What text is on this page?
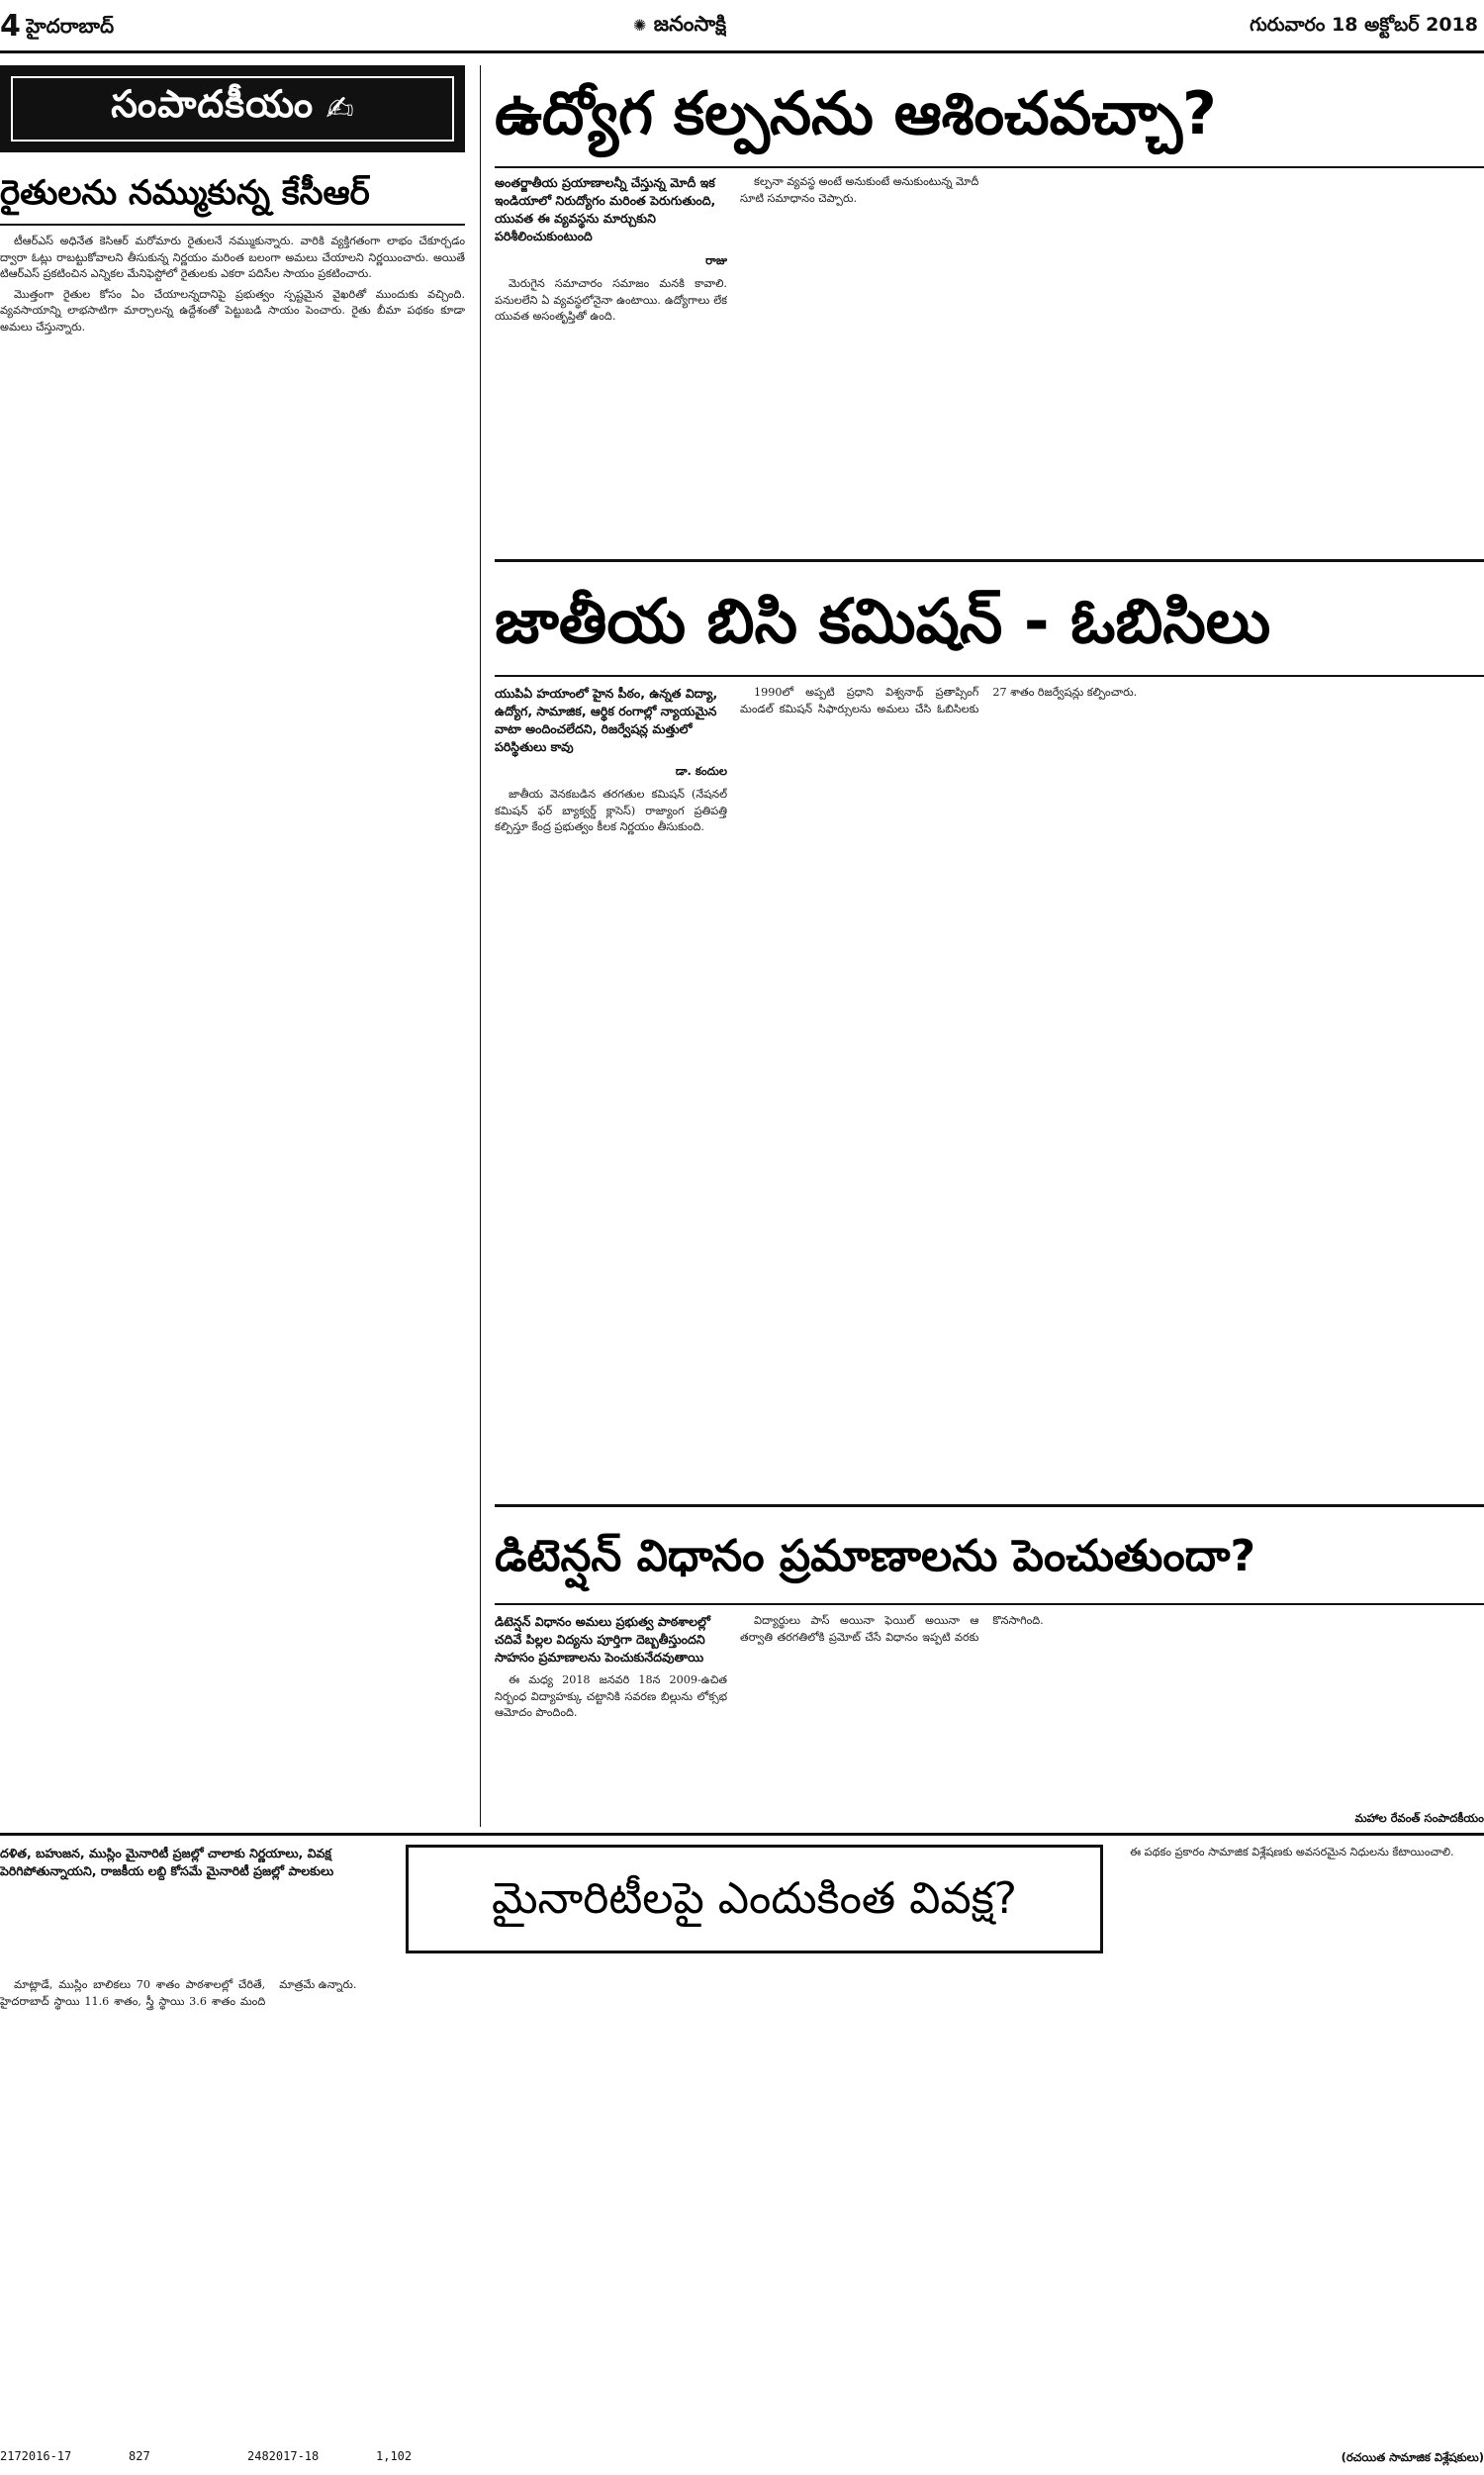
4 హైదరాబాద్	✺ జనంసాక్షి	గురువారం 18 అక్టోబర్ 2018
సంపాదకీయం ✍
రైతులను నమ్ముకున్న కేసీఆర్

టీఆర్ఎస్ అధినేత కెసిఆర్ మరోమారు రైతులనే నమ్ముకున్నారు. వారికి వ్యక్తిగతంగా లాభం చేకూర్చడం ద్వారా ఓట్లు రాబట్టుకోవాలని తీసుకున్న నిర్ణయం మరింత బలంగా అమలు చేయాలని నిర్ణయించారు. అయితే టిఆర్ఎస్ ప్రకటించిన ఎన్నికల మేనిఫెస్టోలో రైతులకు ఎకరా పదిసేల సాయం ప్రకటించారు.

మొత్తంగా రైతుల కోసం ఏం చేయాలన్నదానిపై ప్రభుత్వం స్పష్టమైన వైఖరితో ముందుకు వచ్చింది. వ్యవసాయాన్ని లాభసాటిగా మార్చాలన్న ఉద్దేశంతో పెట్టుబడి సాయం పెంచారు. రైతు బీమా పథకం కూడా అమలు చేస్తున్నారు.

ఉద్యోగ కల్పనను ఆశించవచ్చా?
అంతర్జాతీయ ప్రయాణాలన్నీ చేస్తున్న మోదీ ఇక ఇండియాలో నిరుద్యోగం మరింత పెరుగుతుంది, యువత ఈ వ్యవస్థను మార్చుకుని పరిశీలించుకుంటుంది
రాజు

మెరుగైన సమాచారం సమాజం మనకి కావాలి. పనులలేని ఏ వ్యవస్థలోనైనా ఉంటాయి. ఉద్యోగాలు లేక యువత అసంతృప్తితో ఉంది.

కల్పనా వ్యవస్థ అంటే అనుకుంటే అనుకుంటున్న మోదీ సూటి సమాధానం చెప్పారు.

జాతీయ బిసి కమిషన్ - ఓబిసిలు
యుపిఏ హయాంలో హైన పీఠం, ఉన్నత విద్యా, ఉద్యోగ, సామాజిక, ఆర్థిక రంగాల్లో న్యాయమైన వాటా అందించలేదని, రిజర్వేషన్ల మత్తులో పరిస్థితులు కావు
డా. కందుల

జాతీయ వెనకబడిన తరగతుల కమిషన్ (నేషనల్ కమిషన్ ఫర్ బ్యాక్వర్డ్ క్లాసెస్) రాజ్యాంగ ప్రతిపత్తి కల్పిస్తూ కేంద్ర ప్రభుత్వం కీలక నిర్ణయం తీసుకుంది.

1990లో అప్పటి ప్రధాని విశ్వనాథ్ ప్రతాప్సింగ్ మండల్ కమిషన్ సిఫార్సులను అమలు చేసి ఓబిసిలకు 27 శాతం రిజర్వేషన్లు కల్పించారు.

డిటెన్షన్ విధానం ప్రమాణాలను పెంచుతుందా?
డిటెన్షన్ విధానం అమలు ప్రభుత్వ పాఠశాలల్లో చదివే పిల్లల విద్యను పూర్తిగా దెబ్బతీస్తుందని సాహసం ప్రమాణాలను పెంచుకునేదవుతాయి

ఈ మధ్య 2018 జనవరి 18న 2009-ఉచిత నిర్బంధ విద్యాహక్కు చట్టానికి సవరణ బిల్లును లోక్సభ ఆమోదం పొందింది.

విద్యార్థులు పాస్ అయినా ఫెయిల్ అయినా ఆ తర్వాతి తరగతిలోకి ప్రమోట్ చేసే విధానం ఇప్పటి వరకు కొనసాగింది.

మహాల రేవంత్ సంపాదకీయం
దళిత, బహుజన, ముస్లిం మైనారిటీ ప్రజల్లో చాలాకు నిర్ణయాలు, వివక్ష పెరిగిపోతున్నాయని, రాజకీయ లబ్ది కోసమే మైనారిటీ ప్రజల్లో పాలకులు
మైనారిటీలపై ఎందుకింత వివక్ష?

మాట్లాడే, ముస్లిం బాలికలు 70 శాతం పాఠశాలల్లో చేరితే, హైదరాబాద్ స్థాయి 11.6 శాతం, స్త్రీ స్థాయి 3.6 శాతం మంది మాత్రమే ఉన్నారు.

ఈ పథకం ప్రకారం సామాజిక విశ్లేషణకు అవసరమైన నిధులను కేటాయించాలి.

2172016-17	827	2482017-18	1,102	(రచయిత సామాజిక విశ్లేషకులు)
